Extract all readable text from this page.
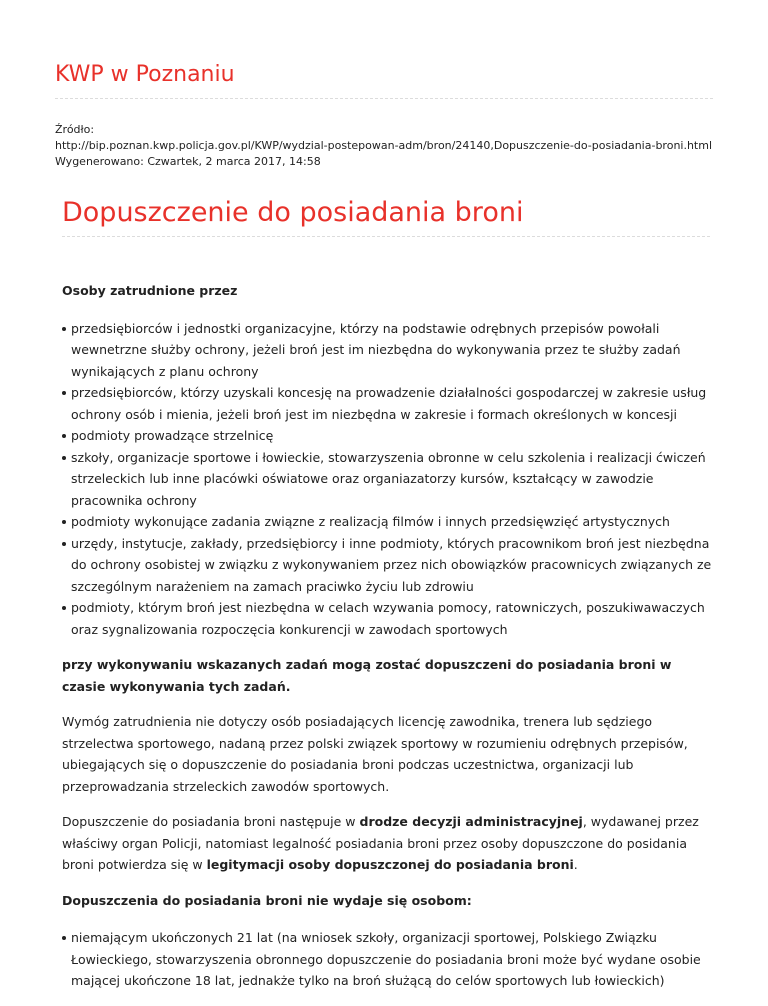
KWP w Poznaniu
Źródło:
http://bip.poznan.kwp.policja.gov.pl/KWP/wydzial-postepowan-adm/bron/24140,Dopuszczenie-do-posiadania-broni.html
Wygenerowano: Czwartek, 2 marca 2017, 14:58
Dopuszczenie do posiadania broni

Osoby zatrudnione przez

przedsiębiorców i jednostki organizacyjne, którzy na podstawie odrębnych przepisów powołali wewnetrzne służby ochrony, jeżeli broń jest im niezbędna do wykonywania przez te służby zadań wynikających z planu ochrony
przedsiębiorców, którzy uzyskali koncesję na prowadzenie działalności gospodarczej w zakresie usług ochrony osób i mienia, jeżeli broń jest im niezbędna w zakresie i formach określonych w koncesji
podmioty prowadzące strzelnicę
szkoły, organizacje sportowe i łowieckie, stowarzyszenia obronne w celu szkolenia i realizacji ćwiczeń strzeleckich lub inne placówki oświatowe oraz organiazatorzy kursów, kształcący w zawodzie pracownika ochrony
podmioty wykonujące zadania związne z realizacją filmów i innych przedsięwzięć artystycznych
urzędy, instytucje, zakłady, przedsiębiorcy i inne podmioty, których pracownikom broń jest niezbędna do ochrony osobistej w związku z wykonywaniem przez nich obowiązków pracownicych związanych ze szczególnym narażeniem na zamach praciwko życiu lub zdrowiu
podmioty, którym broń jest niezbędna w celach wzywania pomocy, ratowniczych, poszukiwawaczych oraz sygnalizowania rozpoczęcia konkurencji w zawodach sportowych

przy wykonywaniu wskazanych zadań mogą zostać dopuszczeni do posiadania broni w czasie wykonywania tych zadań.

Wymóg zatrudnienia nie dotyczy osób posiadających licencję zawodnika, trenera lub sędziego strzelectwa sportowego, nadaną przez polski związek sportowy w rozumieniu odrębnych przepisów, ubiegających się o dopuszczenie do posiadania broni podczas uczestnictwa, organizacji lub przeprowadzania strzeleckich zawodów sportowych.

Dopuszczenie do posiadania broni następuje w drodze decyzji administracyjnej, wydawanej przez właściwy organ Policji, natomiast legalność posiadania broni przez osoby dopuszczone do posidania broni potwierdza się w legitymacji osoby dopuszczonej do posiadania broni.

Dopuszczenia do posiadania broni nie wydaje się osobom:

niemającym ukończonych 21 lat (na wniosek szkoły, organizacji sportowej, Polskiego Związku Łowieckiego, stowarzyszenia obronnego dopuszczenie do posiadania broni może być wydane osobie mającej ukończone 18 lat, jednakże tylko na broń służącą do celów sportowych lub łowieckich)
